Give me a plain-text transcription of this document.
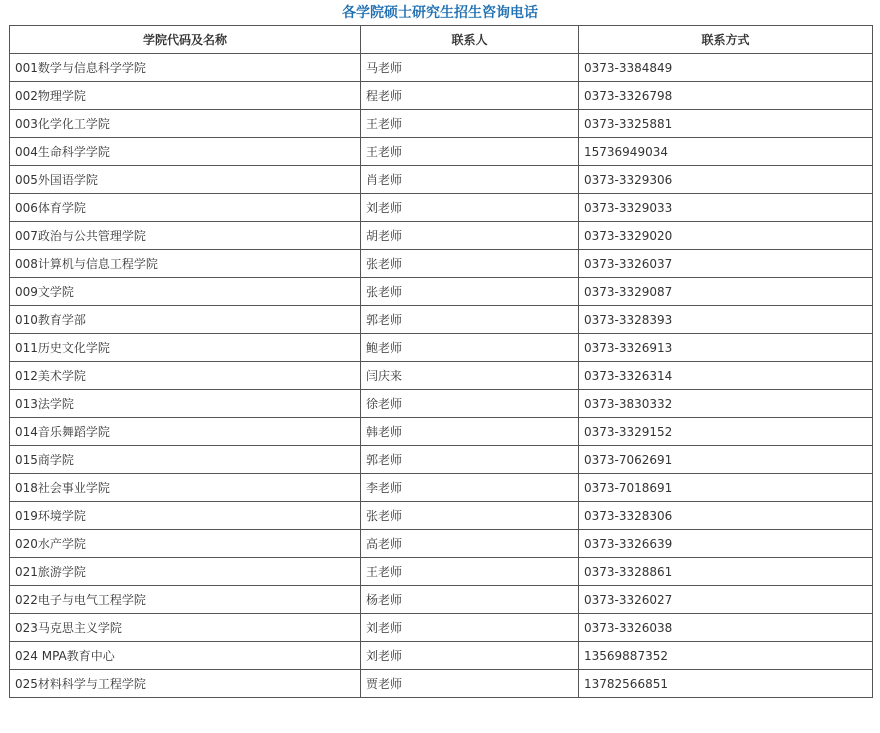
各学院硕士研究生招生咨询电话
学院代码及名称	联系人	联系方式
001数学与信息科学学院	马老师	0373-3384849
002物理学院	程老师	0373-3326798
003化学化工学院	王老师	0373-3325881
004生命科学学院	王老师	15736949034
005外国语学院	肖老师	0373-3329306
006体育学院	刘老师	0373-3329033
007政治与公共管理学院	胡老师	0373-3329020
008计算机与信息工程学院	张老师	0373-3326037
009文学院	张老师	0373-3329087
010教育学部	郭老师	0373-3328393
011历史文化学院	鲍老师	0373-3326913
012美术学院	闫庆来	0373-3326314
013法学院	徐老师	0373-3830332
014音乐舞蹈学院	韩老师	0373-3329152
015商学院	郭老师	0373-7062691
018社会事业学院	李老师	0373-7018691
019环境学院	张老师	0373-3328306
020水产学院	高老师	0373-3326639
021旅游学院	王老师	0373-3328861
022电子与电气工程学院	杨老师	0373-3326027
023马克思主义学院	刘老师	0373-3326038
024 MPA教育中心	刘老师	13569887352
025材料科学与工程学院	贾老师	13782566851
